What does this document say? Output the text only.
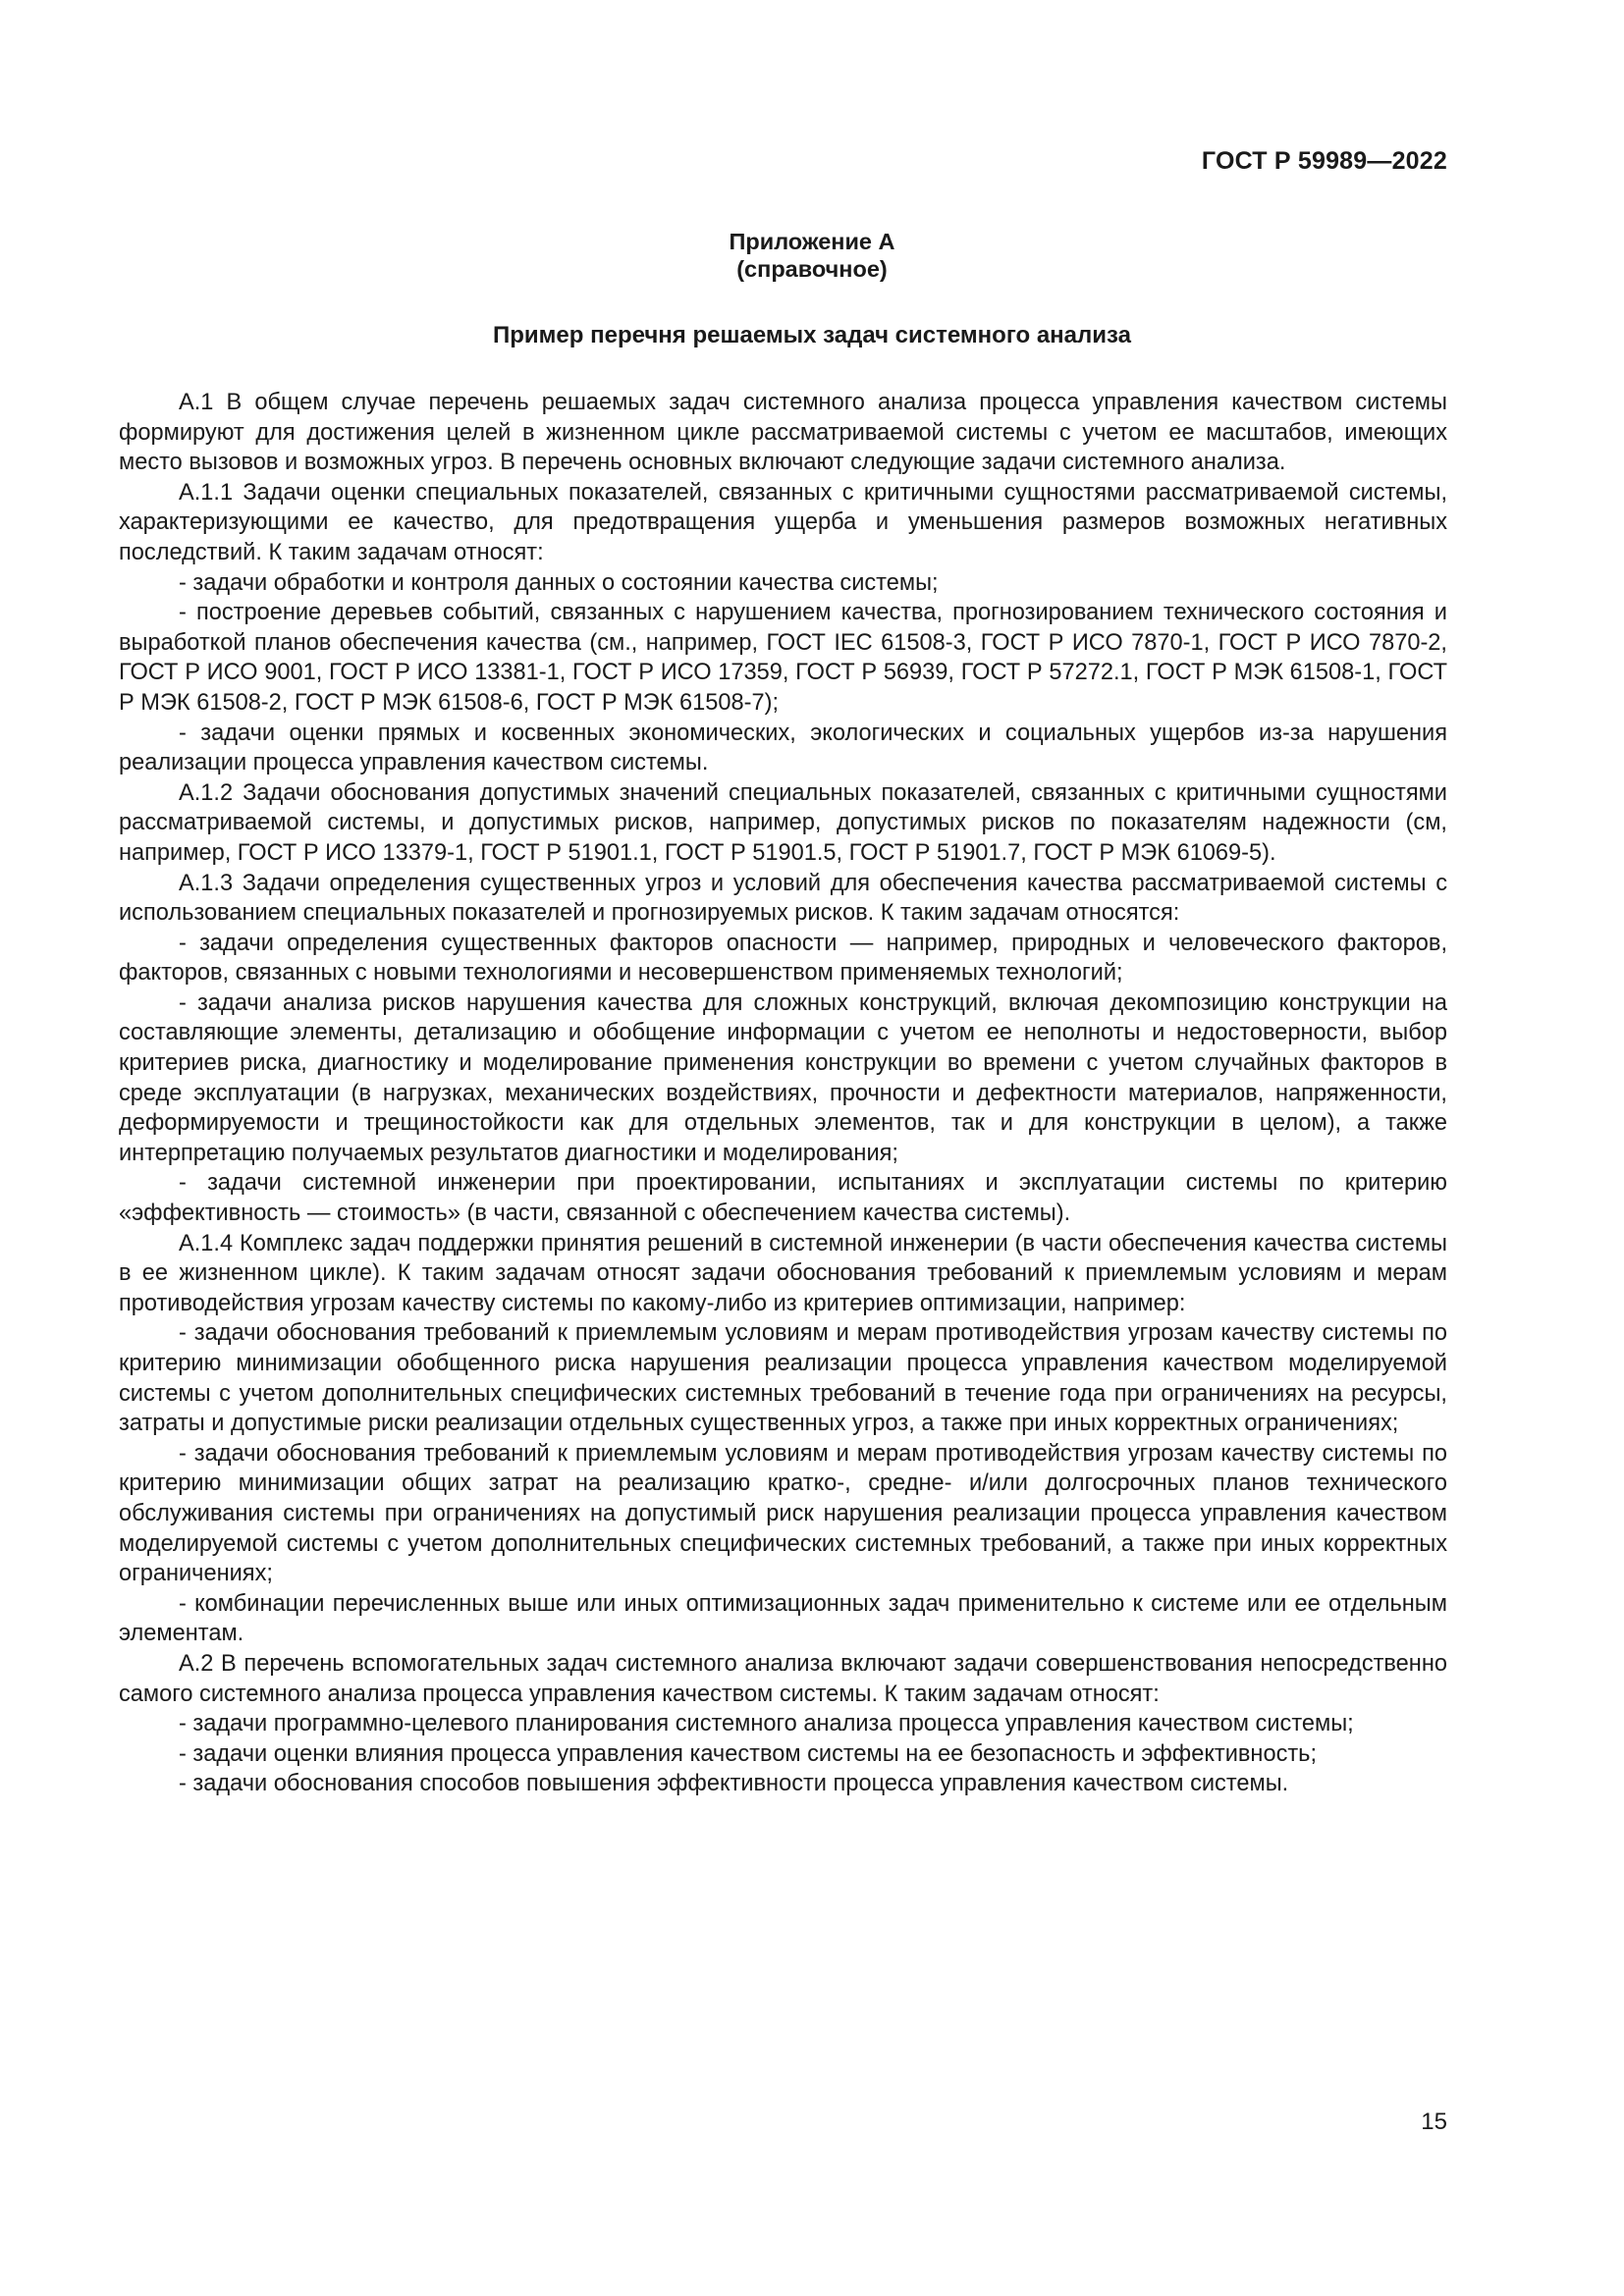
ГОСТ Р 59989—2022
Приложение А
(справочное)
Пример перечня решаемых задач системного анализа

А.1 В общем случае перечень решаемых задач системного анализа процесса управления качеством системы формируют для достижения целей в жизненном цикле рассматриваемой системы с учетом ее масштабов, имеющих место вызовов и возможных угроз. В перечень основных включают следующие задачи системного анализа.

А.1.1 Задачи оценки специальных показателей, связанных с критичными сущностями рассматриваемой системы, характеризующими ее качество, для предотвращения ущерба и уменьшения размеров возможных негативных последствий. К таким задачам относят:

- задачи обработки и контроля данных о состоянии качества системы;

- построение деревьев событий, связанных с нарушением качества, прогнозированием технического состояния и выработкой планов обеспечения качества (см., например, ГОСТ IEC 61508-3, ГОСТ Р ИСО 7870-1, ГОСТ Р ИСО 7870-2, ГОСТ Р ИСО 9001, ГОСТ Р ИСО 13381-1, ГОСТ Р ИСО 17359, ГОСТ Р 56939, ГОСТ Р 57272.1, ГОСТ Р МЭК 61508-1, ГОСТ Р МЭК 61508-2, ГОСТ Р МЭК 61508-6, ГОСТ Р МЭК 61508-7);

- задачи оценки прямых и косвенных экономических, экологических и социальных ущербов из-за нарушения реализации процесса управления качеством системы.

А.1.2 Задачи обоснования допустимых значений специальных показателей, связанных с критичными сущностями рассматриваемой системы, и допустимых рисков, например, допустимых рисков по показателям надежности (см, например, ГОСТ Р ИСО 13379-1, ГОСТ Р 51901.1, ГОСТ Р 51901.5, ГОСТ Р 51901.7, ГОСТ Р МЭК 61069-5).

А.1.3 Задачи определения существенных угроз и условий для обеспечения качества рассматриваемой системы с использованием специальных показателей и прогнозируемых рисков. К таким задачам относятся:

- задачи определения существенных факторов опасности — например, природных и человеческого факторов, факторов, связанных с новыми технологиями и несовершенством применяемых технологий;

- задачи анализа рисков нарушения качества для сложных конструкций, включая декомпозицию конструкции на составляющие элементы, детализацию и обобщение информации с учетом ее неполноты и недостоверности, выбор критериев риска, диагностику и моделирование применения конструкции во времени с учетом случайных факторов в среде эксплуатации (в нагрузках, механических воздействиях, прочности и дефектности материалов, напряженности, деформируемости и трещиностойкости как для отдельных элементов, так и для конструкции в целом), а также интерпретацию получаемых результатов диагностики и моделирования;

- задачи системной инженерии при проектировании, испытаниях и эксплуатации системы по критерию «эффективность — стоимость» (в части, связанной с обеспечением качества системы).

А.1.4 Комплекс задач поддержки принятия решений в системной инженерии (в части обеспечения качества системы в ее жизненном цикле). К таким задачам относят задачи обоснования требований к приемлемым условиям и мерам противодействия угрозам качеству системы по какому-либо из критериев оптимизации, например:

- задачи обоснования требований к приемлемым условиям и мерам противодействия угрозам качеству системы по критерию минимизации обобщенного риска нарушения реализации процесса управления качеством моделируемой системы с учетом дополнительных специфических системных требований в течение года при ограничениях на ресурсы, затраты и допустимые риски реализации отдельных существенных угроз, а также при иных корректных ограничениях;

- задачи обоснования требований к приемлемым условиям и мерам противодействия угрозам качеству системы по критерию минимизации общих затрат на реализацию кратко-, средне- и/или долгосрочных планов технического обслуживания системы при ограничениях на допустимый риск нарушения реализации процесса управления качеством моделируемой системы с учетом дополнительных специфических системных требований, а также при иных корректных ограничениях;

- комбинации перечисленных выше или иных оптимизационных задач применительно к системе или ее отдельным элементам.

А.2 В перечень вспомогательных задач системного анализа включают задачи совершенствования непосредственно самого системного анализа процесса управления качеством системы. К таким задачам относят:

- задачи программно-целевого планирования системного анализа процесса управления качеством системы;

- задачи оценки влияния процесса управления качеством системы на ее безопасность и эффективность;

- задачи обоснования способов повышения эффективности процесса управления качеством системы.

15
